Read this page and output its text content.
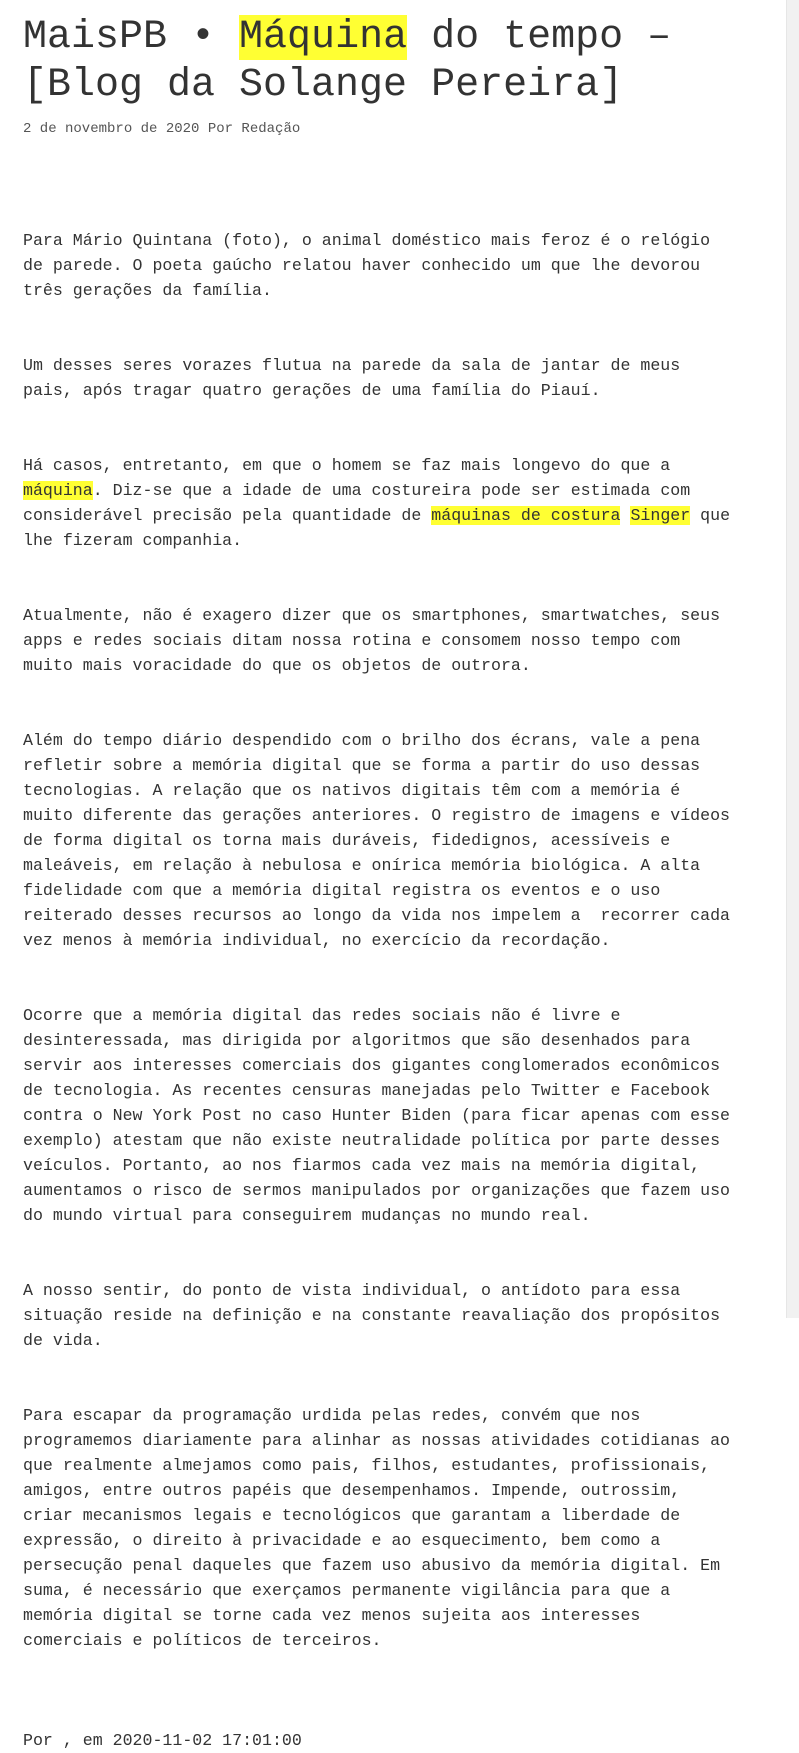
MaisPB • Máquina do tempo –
[Blog da Solange Pereira]
2 de novembro de 2020 Por Redação

Para Mário Quintana (foto), o animal doméstico mais feroz é o relógio
de parede. O poeta gaúcho relatou haver conhecido um que lhe devorou
três gerações da família.

Um desses seres vorazes flutua na parede da sala de jantar de meus
pais, após tragar quatro gerações de uma família do Piauí.

Há casos, entretanto, em que o homem se faz mais longevo do que a
máquina. Diz-se que a idade de uma costureira pode ser estimada com
considerável precisão pela quantidade de máquinas de costura Singer que
lhe fizeram companhia.

Atualmente, não é exagero dizer que os smartphones, smartwatches, seus
apps e redes sociais ditam nossa rotina e consomem nosso tempo com
muito mais voracidade do que os objetos de outrora.

Além do tempo diário despendido com o brilho dos écrans, vale a pena
refletir sobre a memória digital que se forma a partir do uso dessas
tecnologias. A relação que os nativos digitais têm com a memória é
muito diferente das gerações anteriores. O registro de imagens e vídeos
de forma digital os torna mais duráveis, fidedignos, acessíveis e
maleáveis, em relação à nebulosa e onírica memória biológica. A alta
fidelidade com que a memória digital registra os eventos e o uso
reiterado desses recursos ao longo da vida nos impelem a  recorrer cada
vez menos à memória individual, no exercício da recordação.

Ocorre que a memória digital das redes sociais não é livre e
desinteressada, mas dirigida por algoritmos que são desenhados para
servir aos interesses comerciais dos gigantes conglomerados econômicos
de tecnologia. As recentes censuras manejadas pelo Twitter e Facebook
contra o New York Post no caso Hunter Biden (para ficar apenas com esse
exemplo) atestam que não existe neutralidade política por parte desses
veículos. Portanto, ao nos fiarmos cada vez mais na memória digital,
aumentamos o risco de sermos manipulados por organizações que fazem uso
do mundo virtual para conseguirem mudanças no mundo real.

A nosso sentir, do ponto de vista individual, o antídoto para essa
situação reside na definição e na constante reavaliação dos propósitos
de vida.

Para escapar da programação urdida pelas redes, convém que nos
programemos diariamente para alinhar as nossas atividades cotidianas ao
que realmente almejamos como pais, filhos, estudantes, profissionais,
amigos, entre outros papéis que desempenhamos. Impende, outrossim,
criar mecanismos legais e tecnológicos que garantam a liberdade de
expressão, o direito à privacidade e ao esquecimento, bem como a
persecução penal daqueles que fazem uso abusivo da memória digital. Em
suma, é necessário que exerçamos permanente vigilância para que a
memória digital se torne cada vez menos sujeita aos interesses
comerciais e políticos de terceiros.

Por , em 2020-11-02 17:01:00
